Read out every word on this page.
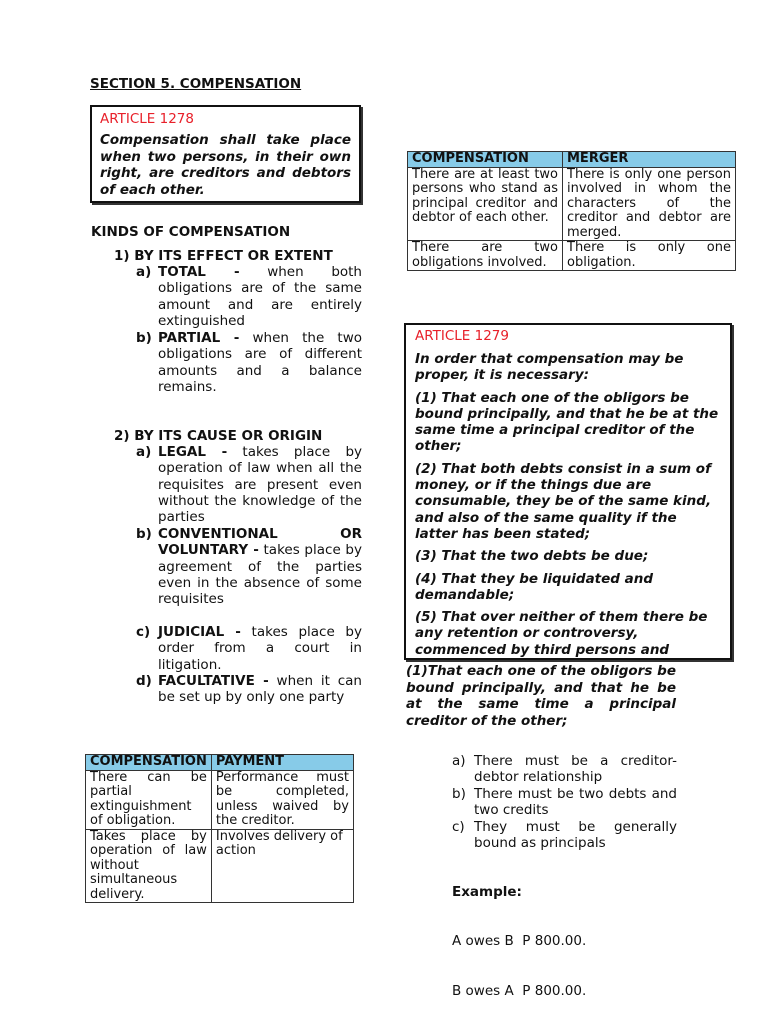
SECTION 5. COMPENSATION
ARTICLE 1278
Compensation shall take place when two persons, in their own right, are creditors and debtors of each other.
KINDS OF COMPENSATION
1) BY ITS EFFECT OR EXTENT
a) TOTAL - when both obligations are of the same amount and are entirely extinguished
b) PARTIAL - when the two obligations are of different amounts and a balance remains.
2) BY ITS CAUSE OR ORIGIN
a) LEGAL - takes place by operation of law when all the requisites are present even without the knowledge of the parties
b) CONVENTIONAL OR VOLUNTARY - takes place by agreement of the parties even in the absence of some requisites
c) JUDICIAL - takes place by order from a court in litigation.
d) FACULTATIVE - when it can be set up by only one party
COMPENSATION	MERGER
There are at least two persons who stand as principal creditor and debtor of each other.	There is only one person involved in whom the characters of the creditor and debtor are merged.
There are two obligations involved.	There is only one obligation.
ARTICLE 1279

In order that compensation may be proper, it is necessary:

(1) That each one of the obligors be bound principally, and that he be at the same time a principal creditor of the other;

(2) That both debts consist in a sum of money, or if the things due are consumable, they be of the same kind, and also of the same quality if the latter has been stated;

(3) That the two debts be due;

(4) That they be liquidated and demandable;

(5) That over neither of them there be any retention or controversy, commenced by third persons and

(1)That each one of the obligors be bound principally, and that he be at the same time a principal creditor of the other;
a) There must be a creditor-debtor relationship
b) There must be two debts and two credits
c) They must be generally bound as principals
Example:

A owes B  P 800.00.

B owes A  P 800.00.

COMPENSATION	PAYMENT
There can be partial extinguishment of obligation.	Performance must be completed, unless waived by the creditor.
Takes place by operation of law without simultaneous delivery.	Involves delivery of action
